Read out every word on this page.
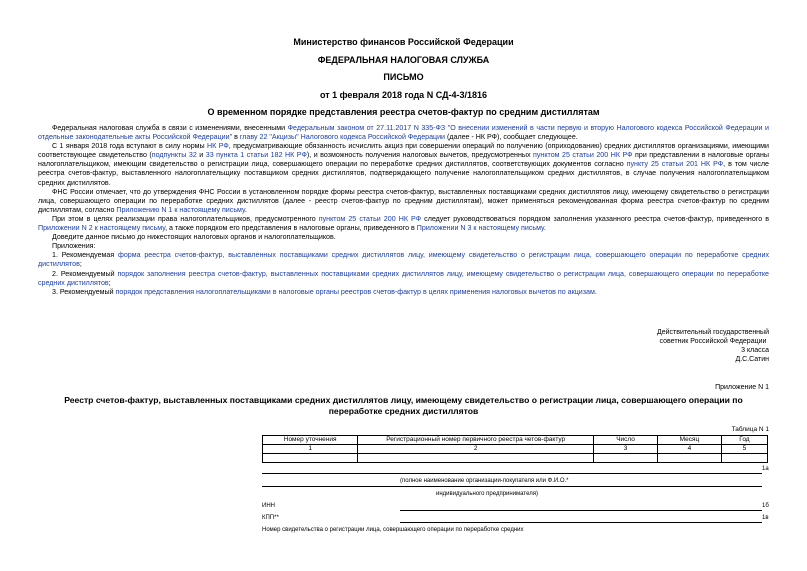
Министерство финансов Российской Федерации
ФЕДЕРАЛЬНАЯ НАЛОГОВАЯ СЛУЖБА
ПИСЬМО
от 1 февраля 2018 года N СД-4-3/1816
О временном порядке представления реестра счетов-фактур по средним дистиллятам

Федеральная налоговая служба в связи с изменениями, внесенными Федеральным законом от 27.11.2017 N 335-ФЗ "О внесении изменений в части первую и вторую Налогового кодекса Российской Федерации и отдельные законодательные акты Российской Федерации" в главу 22 "Акцизы" Налогового кодекса Российской Федерации (далее - НК РФ), сообщает следующее.

С 1 января 2018 года вступают в силу нормы НК РФ, предусматривающие обязанность исчислить акциз при совершении операций по получению (оприходованию) средних дистиллятов организациями, имеющими соответствующее свидетельство (подпункты 32 и 33 пункта 1 статьи 182 НК РФ), и возможность получения налоговых вычетов, предусмотренных пунктом 25 статьи 200 НК РФ при представлении в налоговые органы налогоплательщиком, имеющим свидетельство о регистрации лица, совершающего операции по переработке средних дистиллятов, соответствующих документов согласно пункту 25 статьи 201 НК РФ, в том числе реестра счетов-фактур, выставленного налогоплательщику поставщиком средних дистиллятов, подтверждающего получение налогоплательщиком средних дистиллятов, в случае получения налогоплательщиком средних дистиллятов.

ФНС России отмечает, что до утверждения ФНС России в установленном порядке формы реестра счетов-фактур, выставленных поставщиками средних дистиллятов лицу, имеющему свидетельство о регистрации лица, совершающего операции по переработке средних дистиллятов (далее - реестр счетов-фактур по средним дистиллятам), может применяться рекомендованная форма реестра счетов-фактур по средним дистиллятам, согласно Приложению N 1 к настоящему письму.

При этом в целях реализации права налогоплательщиков, предусмотренного пунктом 25 статьи 200 НК РФ следует руководствоваться порядком заполнения указанного реестра счетов-фактур, приведенного в Приложении N 2 к настоящему письму, а также порядком его представления в налоговые органы, приведенного в Приложении N 3 к настоящему письму.

Доведите данное письмо до нижестоящих налоговых органов и налогоплательщиков.

Приложения:

1. Рекомендуемая форма реестра счетов-фактур, выставленных поставщиками средних дистиллятов лицу, имеющему свидетельство о регистрации лица, совершающего операции по переработке средних дистиллятов;

2. Рекомендуемый порядок заполнения реестра счетов-фактур, выставленных поставщиками средних дистиллятов лицу, имеющему свидетельство о регистрации лица, совершающего операции по переработке средних дистиллятов;

3. Рекомендуемый порядок представления налогоплательщиками в налоговые органы реестров счетов-фактур в целях применения налоговых вычетов по акцизам.

Действительный государственный
советник Российской Федерации
3 класса
Д.С.Сатин
Приложение N 1
Реестр счетов-фактур, выставленных поставщиками средних дистиллятов лицу, имеющему свидетельство о регистрации лица, совершающего операции по переработке средних дистиллятов
Таблица N 1
Номер уточнения	Регистрационный номер первичного реестра четов-фактур	Число	Месяц	Год
1	2	3	4	5

1а
(полное наименование организации-покупателя или Ф.И.О.*
индивидуального предпринимателя)
ИНН	1б
КПП**	1в
Номер свидетельства о регистрации лица, совершающего операции по переработке средних
